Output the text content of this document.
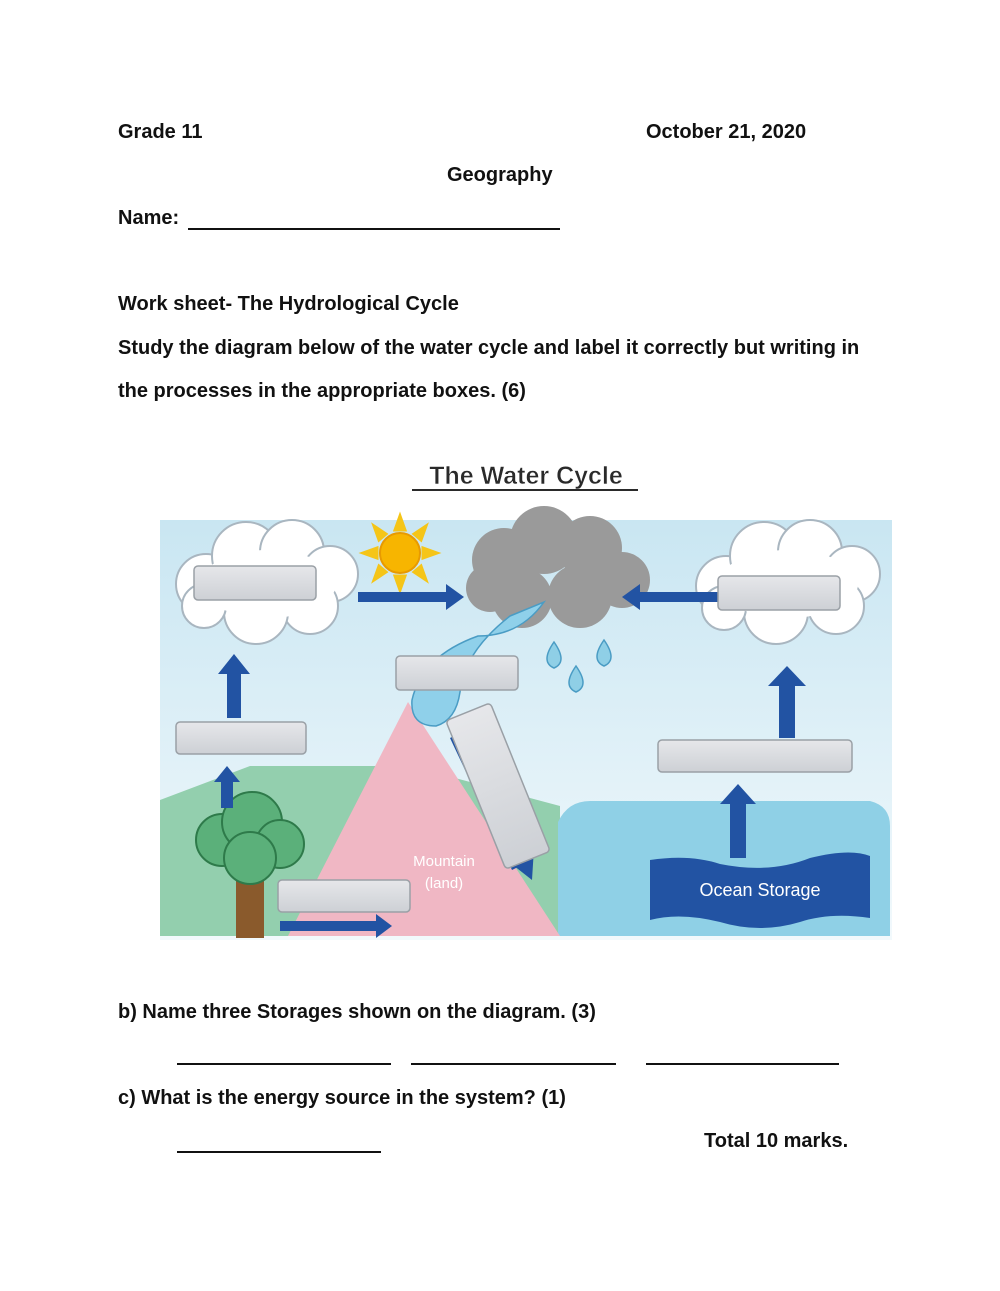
Grade 11	October 21, 2020
Geography
Name:
Work sheet- The Hydrological Cycle
Study the diagram below of the water cycle and label it correctly but writing in
the processes in the appropriate boxes. (6)
The Water Cycle
Mountain
(land)	Ocean Storage
b) Name three Storages shown on the diagram. (3)
c) What is the energy source in the system? (1)
Total 10 marks.
